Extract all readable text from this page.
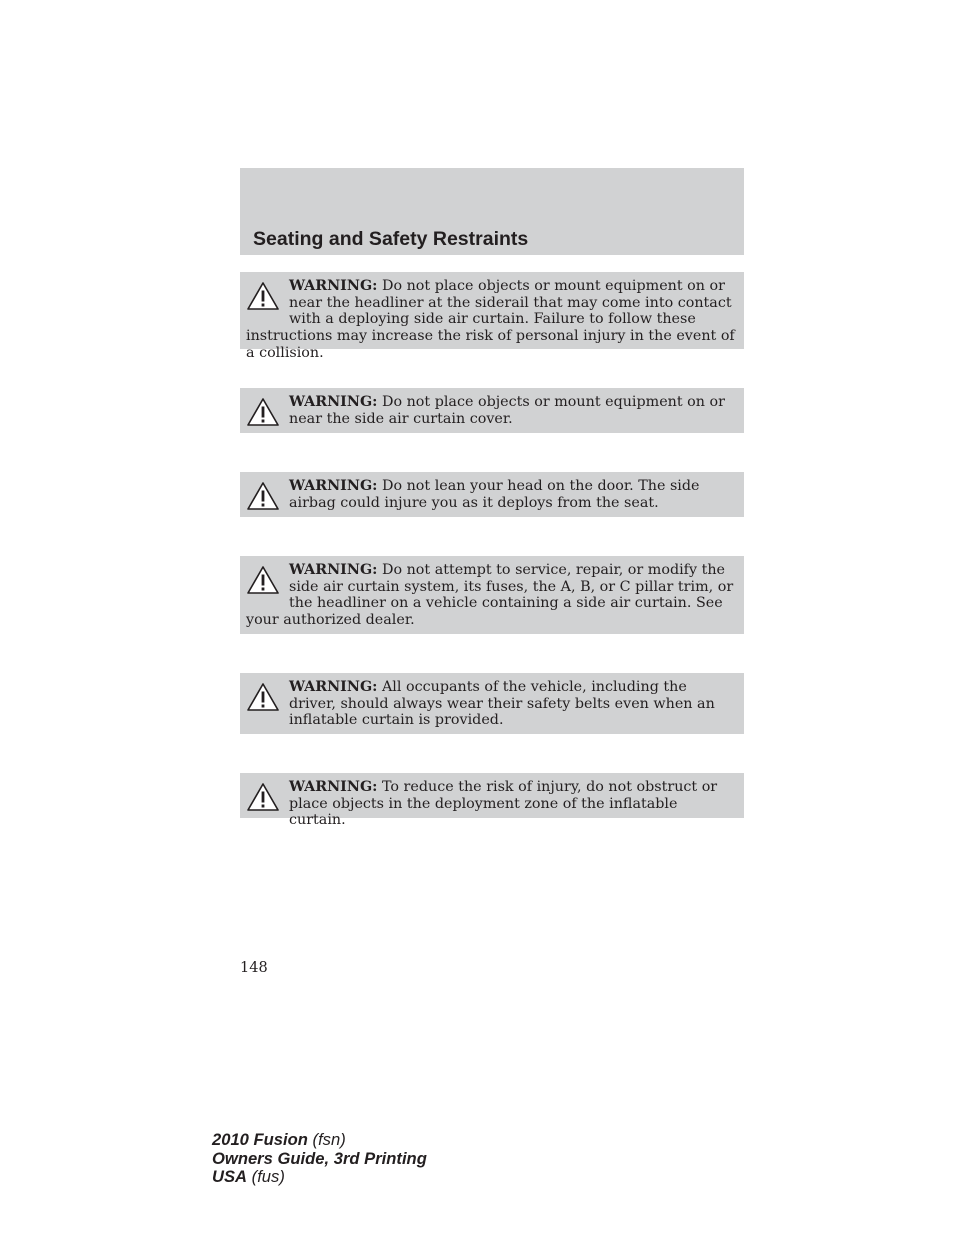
Seating and Safety Restraints
WARNING: Do not place objects or mount equipment on or near the headliner at the siderail that may come into contact with a deploying side air curtain. Failure to follow these instructions may increase the risk of personal injury in the event of a collision.
WARNING: Do not place objects or mount equipment on or near the side air curtain cover.
WARNING: Do not lean your head on the door. The side airbag could injure you as it deploys from the seat.
WARNING: Do not attempt to service, repair, or modify the side air curtain system, its fuses, the A, B, or C pillar trim, or the headliner on a vehicle containing a side air curtain. See your authorized dealer.
WARNING: All occupants of the vehicle, including the driver, should always wear their safety belts even when an inflatable curtain is provided.
WARNING: To reduce the risk of injury, do not obstruct or place objects in the deployment zone of the inflatable curtain.
148
2010 Fusion (fsn)
Owners Guide, 3rd Printing
USA (fus)
